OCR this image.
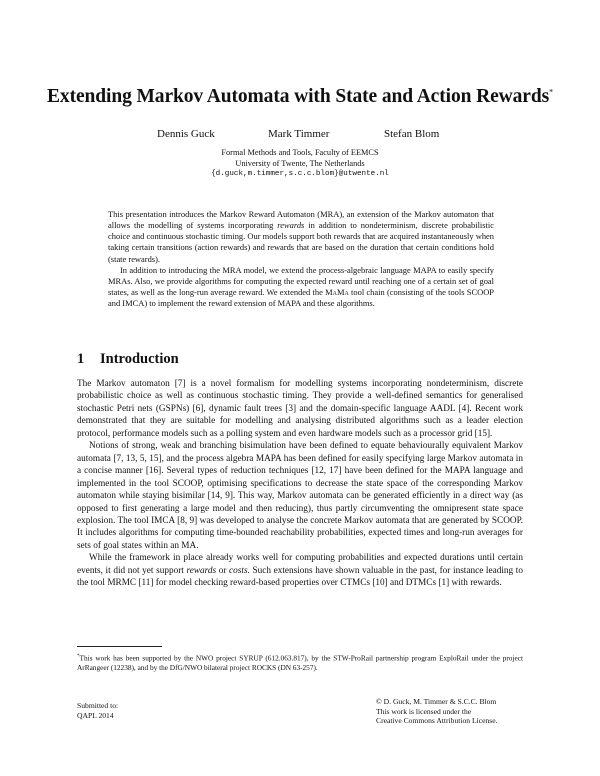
Extending Markov Automata with State and Action Rewards*
Dennis Guck	Mark Timmer	Stefan Blom
Formal Methods and Tools, Faculty of EEMCS
University of Twente, The Netherlands
{d.guck,m.timmer,s.c.c.blom}@utwente.nl

This presentation introduces the Markov Reward Automaton (MRA), an extension of the Markov automaton that allows the modelling of systems incorporating rewards in addition to nondeterminism, discrete probabilistic choice and continuous stochastic timing. Our models support both rewards that are acquired instantaneously when taking certain transitions (action rewards) and rewards that are based on the duration that certain conditions hold (state rewards).

In addition to introducing the MRA model, we extend the process-algebraic language MAPA to easily specify MRAs. Also, we provide algorithms for computing the expected reward until reaching one of a certain set of goal states, as well as the long-run average reward. We extended the MaMa tool chain (consisting of the tools SCOOP and IMCA) to implement the reward extension of MAPA and these algorithms.

1 Introduction

The Markov automaton [7] is a novel formalism for modelling systems incorporating nondeterminism, discrete probabilistic choice as well as continuous stochastic timing. They provide a well-defined semantics for generalised stochastic Petri nets (GSPNs) [6], dynamic fault trees [3] and the domain-specific language AADL [4]. Recent work demonstrated that they are suitable for modelling and analysing distributed algorithms such as a leader election protocol, performance models such as a polling system and even hardware models such as a processor grid [15].

Notions of strong, weak and branching bisimulation have been defined to equate behaviourally equivalent Markov automata [7, 13, 5, 15], and the process algebra MAPA has been defined for easily specifying large Markov automata in a concise manner [16]. Several types of reduction techniques [12, 17] have been defined for the MAPA language and implemented in the tool SCOOP, optimising specifications to decrease the state space of the corresponding Markov automaton while staying bisimilar [14, 9]. This way, Markov automata can be generated efficiently in a direct way (as opposed to first generating a large model and then reducing), thus partly circumventing the omnipresent state space explosion. The tool IMCA [8, 9] was developed to analyse the concrete Markov automata that are generated by SCOOP. It includes algorithms for computing time-bounded reachability probabilities, expected times and long-run averages for sets of goal states within an MA.

While the framework in place already works well for computing probabilities and expected durations until certain events, it did not yet support rewards or costs. Such extensions have shown valuable in the past, for instance leading to the tool MRMC [11] for model checking reward-based properties over CTMCs [10] and DTMCs [1] with rewards.

*This work has been supported by the NWO project SYRUP (612.063.817), by the STW-ProRail partnership program ExploRail under the project ArRangeer (12238), and by the DfG/NWO bilateral project ROCKS (DN 63-257).
Submitted to:
QAPL 2014
© D. Guck, M. Timmer & S.C.C. Blom
This work is licensed under the
Creative Commons Attribution License.
